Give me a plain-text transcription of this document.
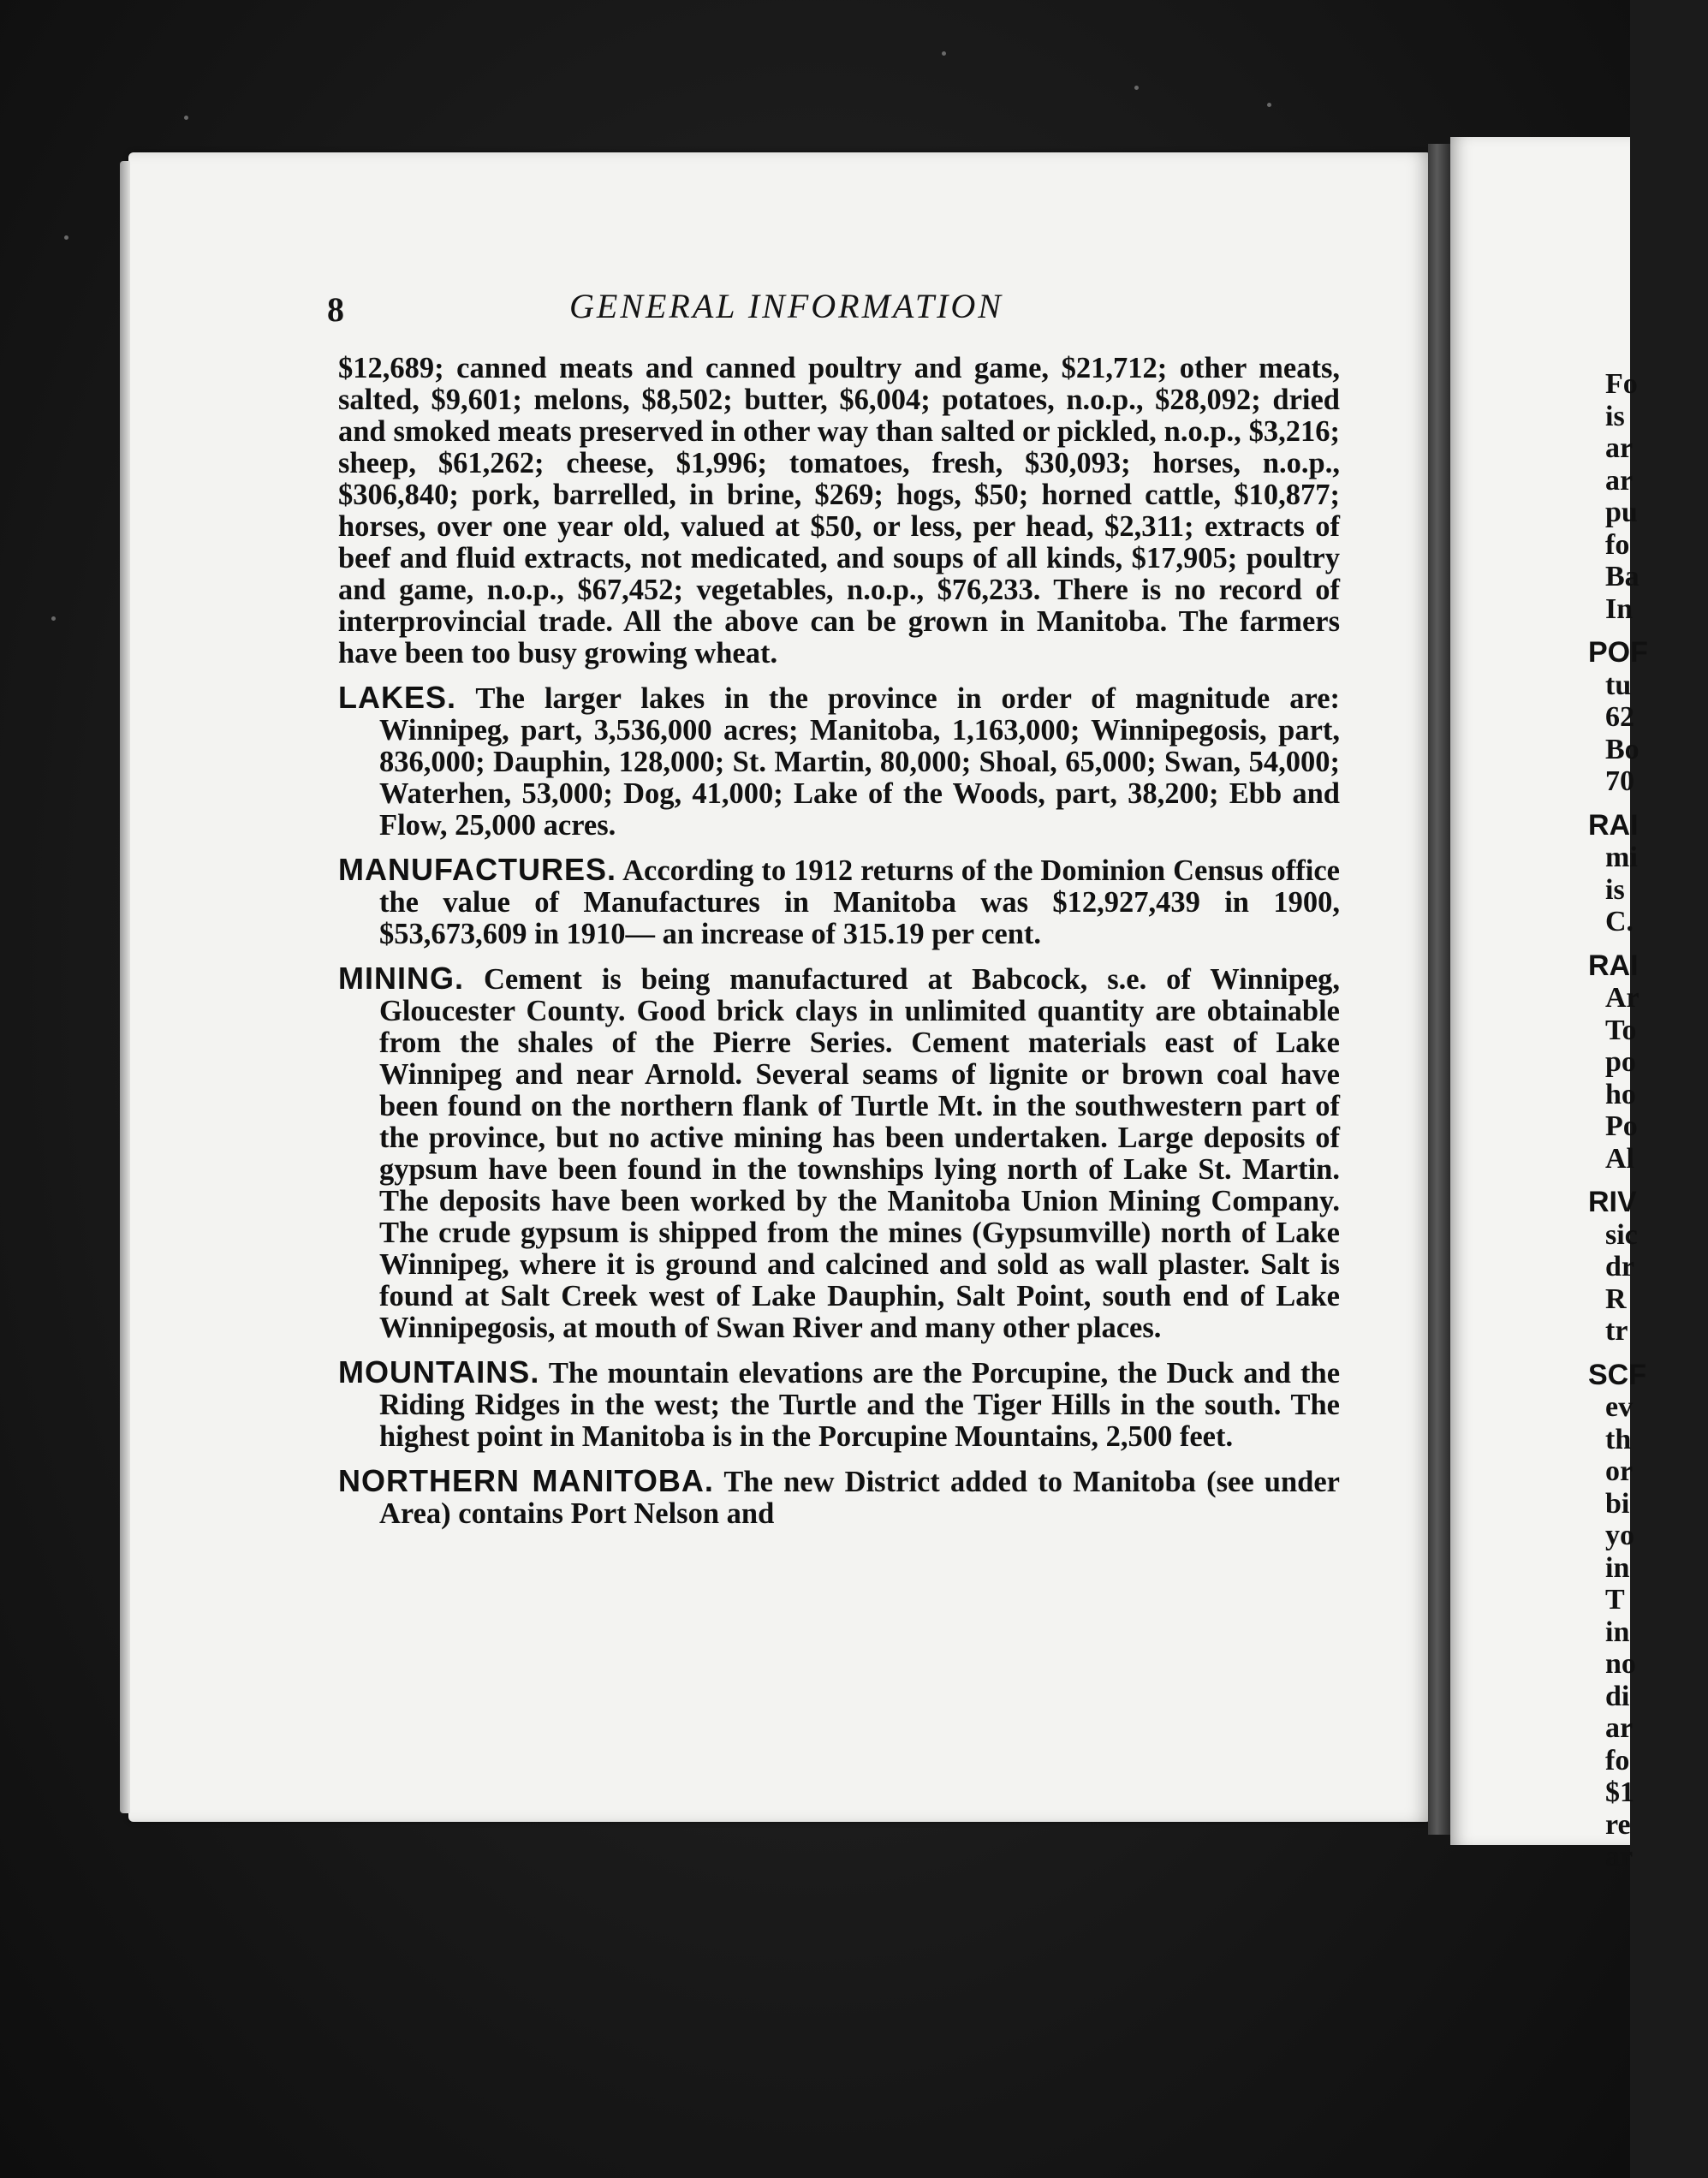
8	GENERAL INFORMATION

$12,689; canned meats and canned poultry and game, $21,712; other meats, salted, $9,601; melons, $8,502; butter, $6,004; potatoes, n.o.p., $28,092; dried and smoked meats preserved in other way than salted or pickled, n.o.p., $3,216; sheep, $61,262; cheese, $1,996; tomatoes, fresh, $30,093; horses, n.o.p., $306,840; pork, barrelled, in brine, $269; hogs, $50; horned cattle, $10,877; horses, over one year old, valued at $50, or less, per head, $2,311; extracts of beef and fluid extracts, not medicated, and soups of all kinds, $17,905; poultry and game, n.o.p., $67,452; vegetables, n.o.p., $76,233. There is no record of interprovincial trade. All the above can be grown in Manitoba. The farmers have been too busy growing wheat.

LAKES. The larger lakes in the province in order of magnitude are: Winnipeg, part, 3,536,000 acres; Manitoba, 1,163,000; Winnipegosis, part, 836,000; Dauphin, 128,000; St. Martin, 80,000; Shoal, 65,000; Swan, 54,000; Waterhen, 53,000; Dog, 41,000; Lake of the Woods, part, 38,200; Ebb and Flow, 25,000 acres.

MANUFACTURES. According to 1912 returns of the Dominion Census office the value of Manufactures in Manitoba was $12,927,439 in 1900, $53,673,609 in 1910— an increase of 315.19 per cent.

MINING. Cement is being manufactured at Babcock, s.e. of Winnipeg, Gloucester County. Good brick clays in unlimited quantity are obtainable from the shales of the Pierre Series. Cement materials east of Lake Winnipeg and near Arnold. Several seams of lignite or brown coal have been found on the northern flank of Turtle Mt. in the southwestern part of the province, but no active mining has been undertaken. Large deposits of gypsum have been found in the townships lying north of Lake St. Martin. The deposits have been worked by the Manitoba Union Mining Company. The crude gypsum is shipped from the mines (Gypsumville) north of Lake Winnipeg, where it is ground and calcined and sold as wall plaster. Salt is found at Salt Creek west of Lake Dauphin, Salt Point, south end of Lake Winnipegosis, at mouth of Swan River and many other places.

MOUNTAINS. The mountain elevations are the Porcupine, the Duck and the Riding Ridges in the west; the Turtle and the Tiger Hills in the south. The highest point in Manitoba is in the Porcupine Mountains, 2,500 feet.

NORTHERN MANITOBA. The new District added to Manitoba (see under Area) contains Port Nelson and

Fo
is
ar
ar
pu
fo
Ba
In
POF
tu
62
Bo
70
RAI
mi
is
C.
RAI
Ar
To
po
ho
Po
Al
RIV
sic
dr
R
tr
SCF
ev
th
or
bi
yo
in
T
in
no
di
ar
fo
$1
re
ar
